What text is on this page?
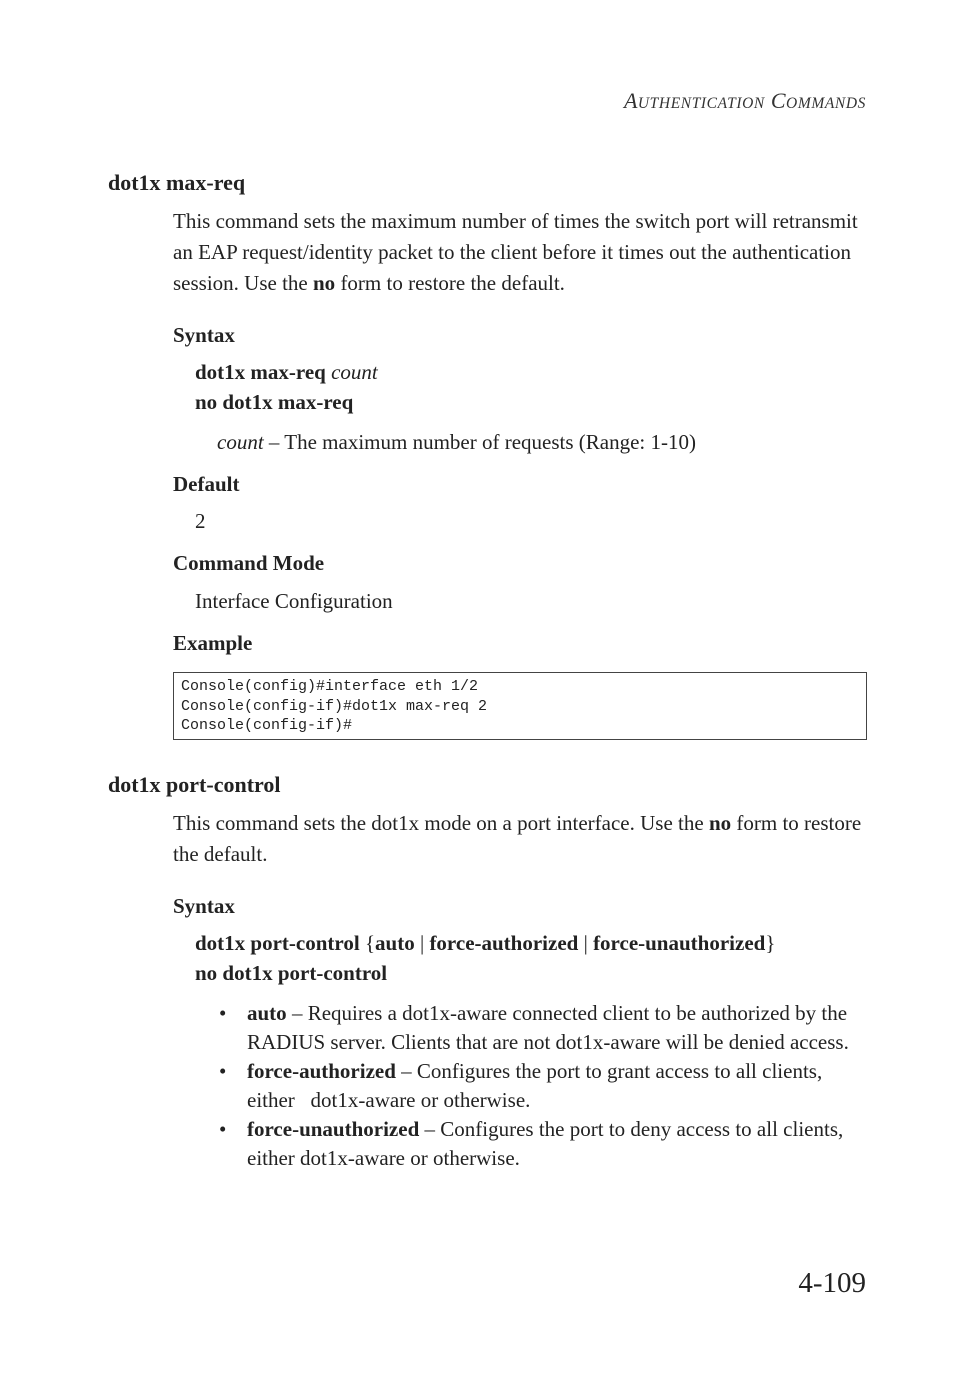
AUTHENTICATION COMMANDS
dot1x max-req

This command sets the maximum number of times the switch port will retransmit an EAP request/identity packet to the client before it times out the authentication session. Use the no form to restore the default.

Syntax
dot1x max-req count
no dot1x max-req
count – The maximum number of requests (Range: 1-10)
Default
2
Command Mode
Interface Configuration
Example
Console(config)#interface eth 1/2
Console(config-if)#dot1x max-req 2
Console(config-if)#
dot1x port-control

This command sets the dot1x mode on a port interface. Use the no form to restore the default.

Syntax
dot1x port-control {auto | force-authorized | force-unauthorized}
no dot1x port-control
• auto – Requires a dot1x-aware connected client to be authorized by the RADIUS server. Clients that are not dot1x-aware will be denied access.
• force-authorized – Configures the port to grant access to all clients, either   dot1x-aware or otherwise.
• force-unauthorized – Configures the port to deny access to all clients, either dot1x-aware or otherwise.
4-109
